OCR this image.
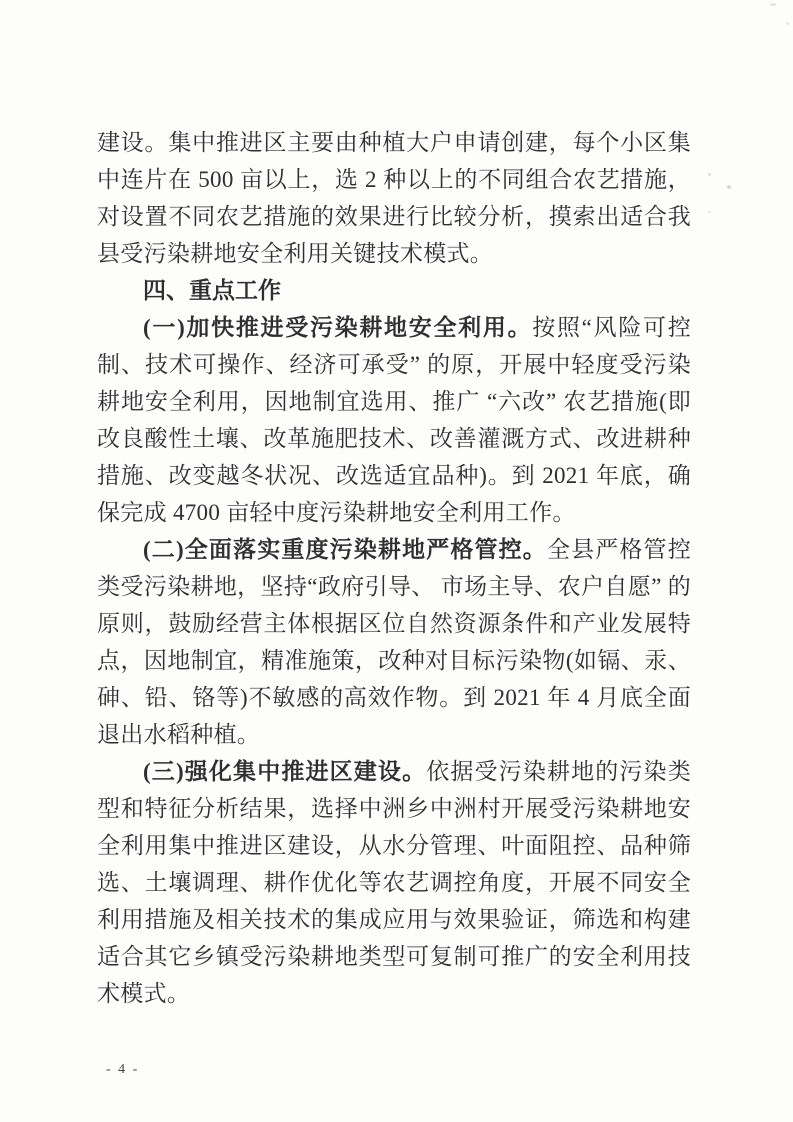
建设。集中推进区主要由种植大户申请创建，每个小区集中连片在 500 亩以上，选 2 种以上的不同组合农艺措施，对设置不同农艺措施的效果进行比较分析，摸索出适合我县受污染耕地安全利用关键技术模式。

四、重点工作

(一)加快推进受污染耕地安全利用。按照“风险可控制、技术可操作、经济可承受” 的原，开展中轻度受污染耕地安全利用，因地制宜选用、推广 “六改” 农艺措施(即改良酸性土壤、改革施肥技术、改善灌溉方式、改进耕种措施、改变越冬状况、改选适宜品种)。到 2021 年底，确保完成 4700 亩轻中度污染耕地安全利用工作。

(二)全面落实重度污染耕地严格管控。全县严格管控类受污染耕地，坚持“政府引导、 市场主导、农户自愿” 的原则，鼓励经营主体根据区位自然资源条件和产业发展特点，因地制宜，精准施策，改种对目标污染物(如镉、汞、砷、铅、铬等)不敏感的高效作物。到 2021 年 4 月底全面退出水稻种植。

(三)强化集中推进区建设。依据受污染耕地的污染类型和特征分析结果，选择中洲乡中洲村开展受污染耕地安全利用集中推进区建设，从水分管理、叶面阻控、品种筛选、土壤调理、耕作优化等农艺调控角度，开展不同安全利用措施及相关技术的集成应用与效果验证，筛选和构建适合其它乡镇受污染耕地类型可复制可推广的安全利用技术模式。

- 4 -
